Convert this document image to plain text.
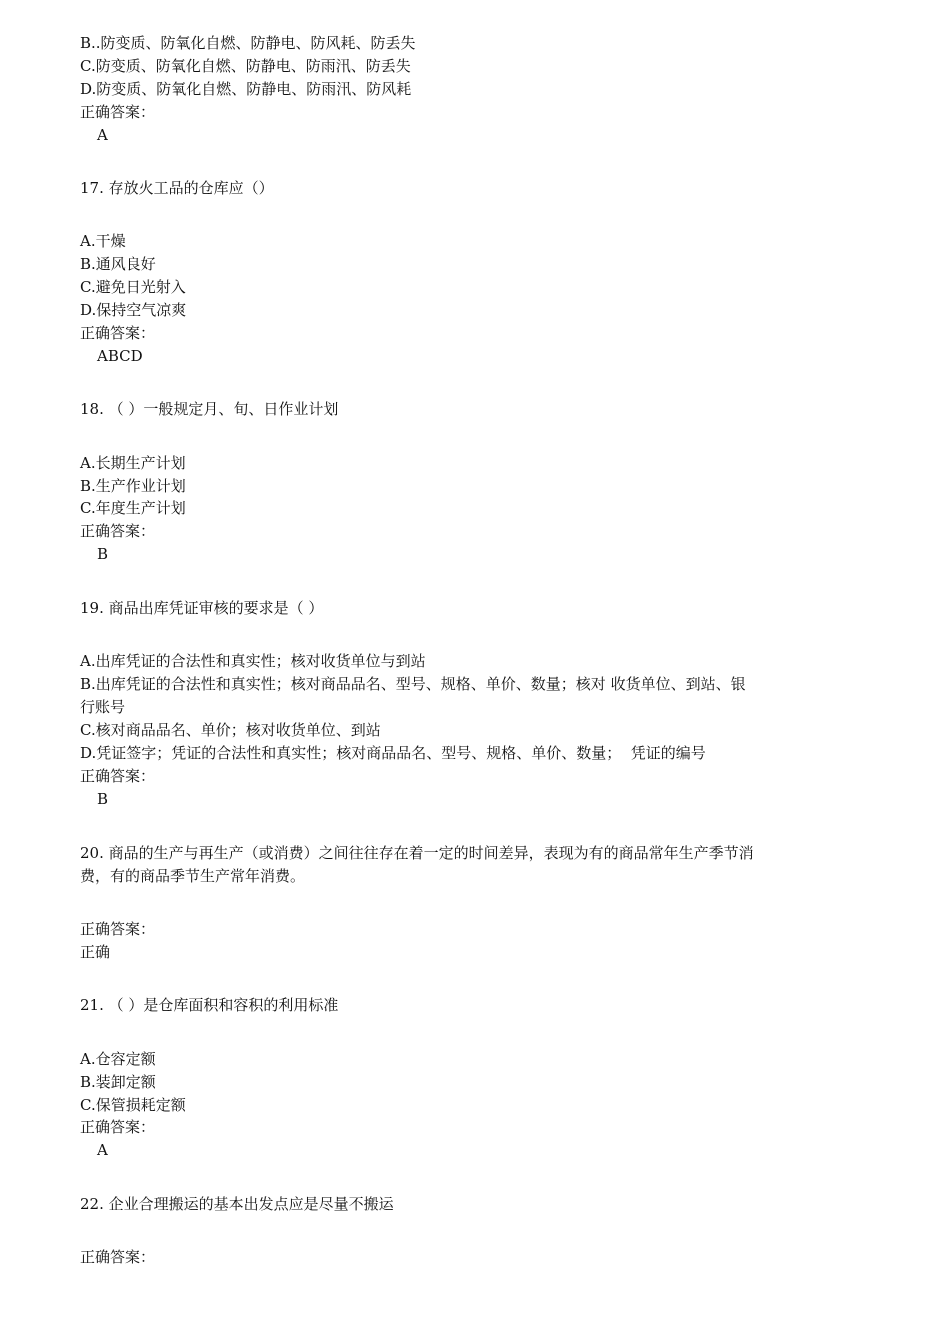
B..防变质、防氧化自燃、防静电、防风耗、防丢失
C.防变质、防氧化自燃、防静电、防雨汛、防丢失
D.防变质、防氧化自燃、防静电、防雨汛、防风耗
正确答案：
A
17. 存放火工品的仓库应（）
A.干燥
B.通风良好
C.避免日光射入
D.保持空气凉爽
正确答案：
ABCD
18. （ ）一般规定月、旬、日作业计划
A.长期生产计划
B.生产作业计划
C.年度生产计划
正确答案：
B
19. 商品出库凭证审核的要求是（ ）
A.出库凭证的合法性和真实性；核对收货单位与到站
B.出库凭证的合法性和真实性；核对商品品名、型号、规格、单价、数量；核对 收货单位、到站、银
行账号
C.核对商品品名、单价；核对收货单位、到站
D.凭证签字；凭证的合法性和真实性；核对商品品名、型号、规格、单价、数量；  凭证的编号
正确答案：
B
20. 商品的生产与再生产（或消费）之间往往存在着一定的时间差异，表现为有的商品常年生产季节消
费，有的商品季节生产常年消费。
正确答案：
正确
21. （ ）是仓库面积和容积的利用标准
A.仓容定额
B.装卸定额
C.保管损耗定额
正确答案：
A
22. 企业合理搬运的基本出发点应是尽量不搬运
正确答案：
